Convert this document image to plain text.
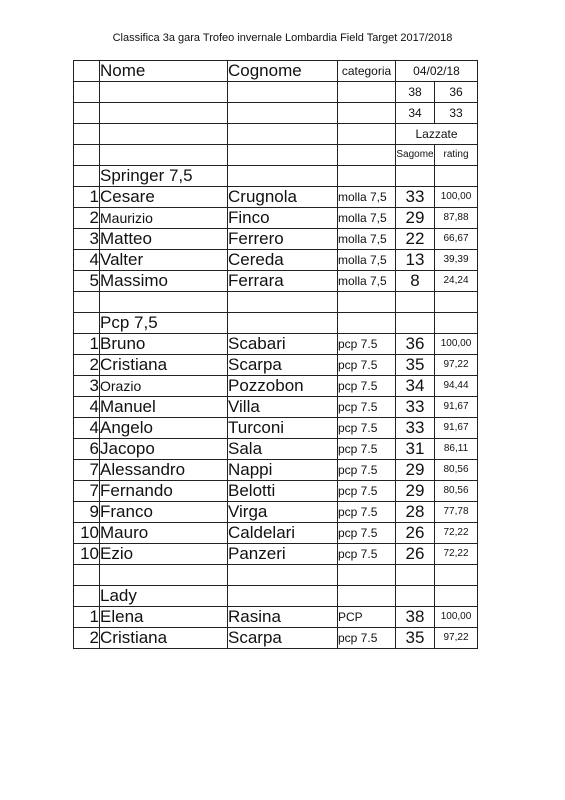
Classifica 3a gara Trofeo invernale Lombardia Field Target 2017/2018
	Nome	Cognome	categoria	04/02/18	
				38	36
				34	33
				Lazzate	
				Sagome	rating
	Springer 7,5				
1	Cesare	Crugnola	molla 7,5	33	100,00
2	Maurizio	Finco	molla 7,5	29	87,88
3	Matteo	Ferrero	molla 7,5	22	66,67
4	Valter	Cereda	molla 7,5	13	39,39
5	Massimo	Ferrara	molla 7,5	8	24,24

	Pcp 7,5				
1	Bruno	Scabari	pcp 7.5	36	100,00
2	Cristiana	Scarpa	pcp 7.5	35	97,22
3	Orazio	Pozzobon	pcp 7.5	34	94,44
4	Manuel	Villa	pcp 7.5	33	91,67
4	Angelo	Turconi	pcp 7.5	33	91,67
6	Jacopo	Sala	pcp 7.5	31	86,11
7	Alessandro	Nappi	pcp 7.5	29	80,56
7	Fernando	Belotti	pcp 7.5	29	80,56
9	Franco	Virga	pcp 7.5	28	77,78
10	Mauro	Caldelari	pcp 7.5	26	72,22
10	Ezio	Panzeri	pcp 7.5	26	72,22

	Lady				
1	Elena	Rasina	PCP	38	100,00
2	Cristiana	Scarpa	pcp 7.5	35	97,22
